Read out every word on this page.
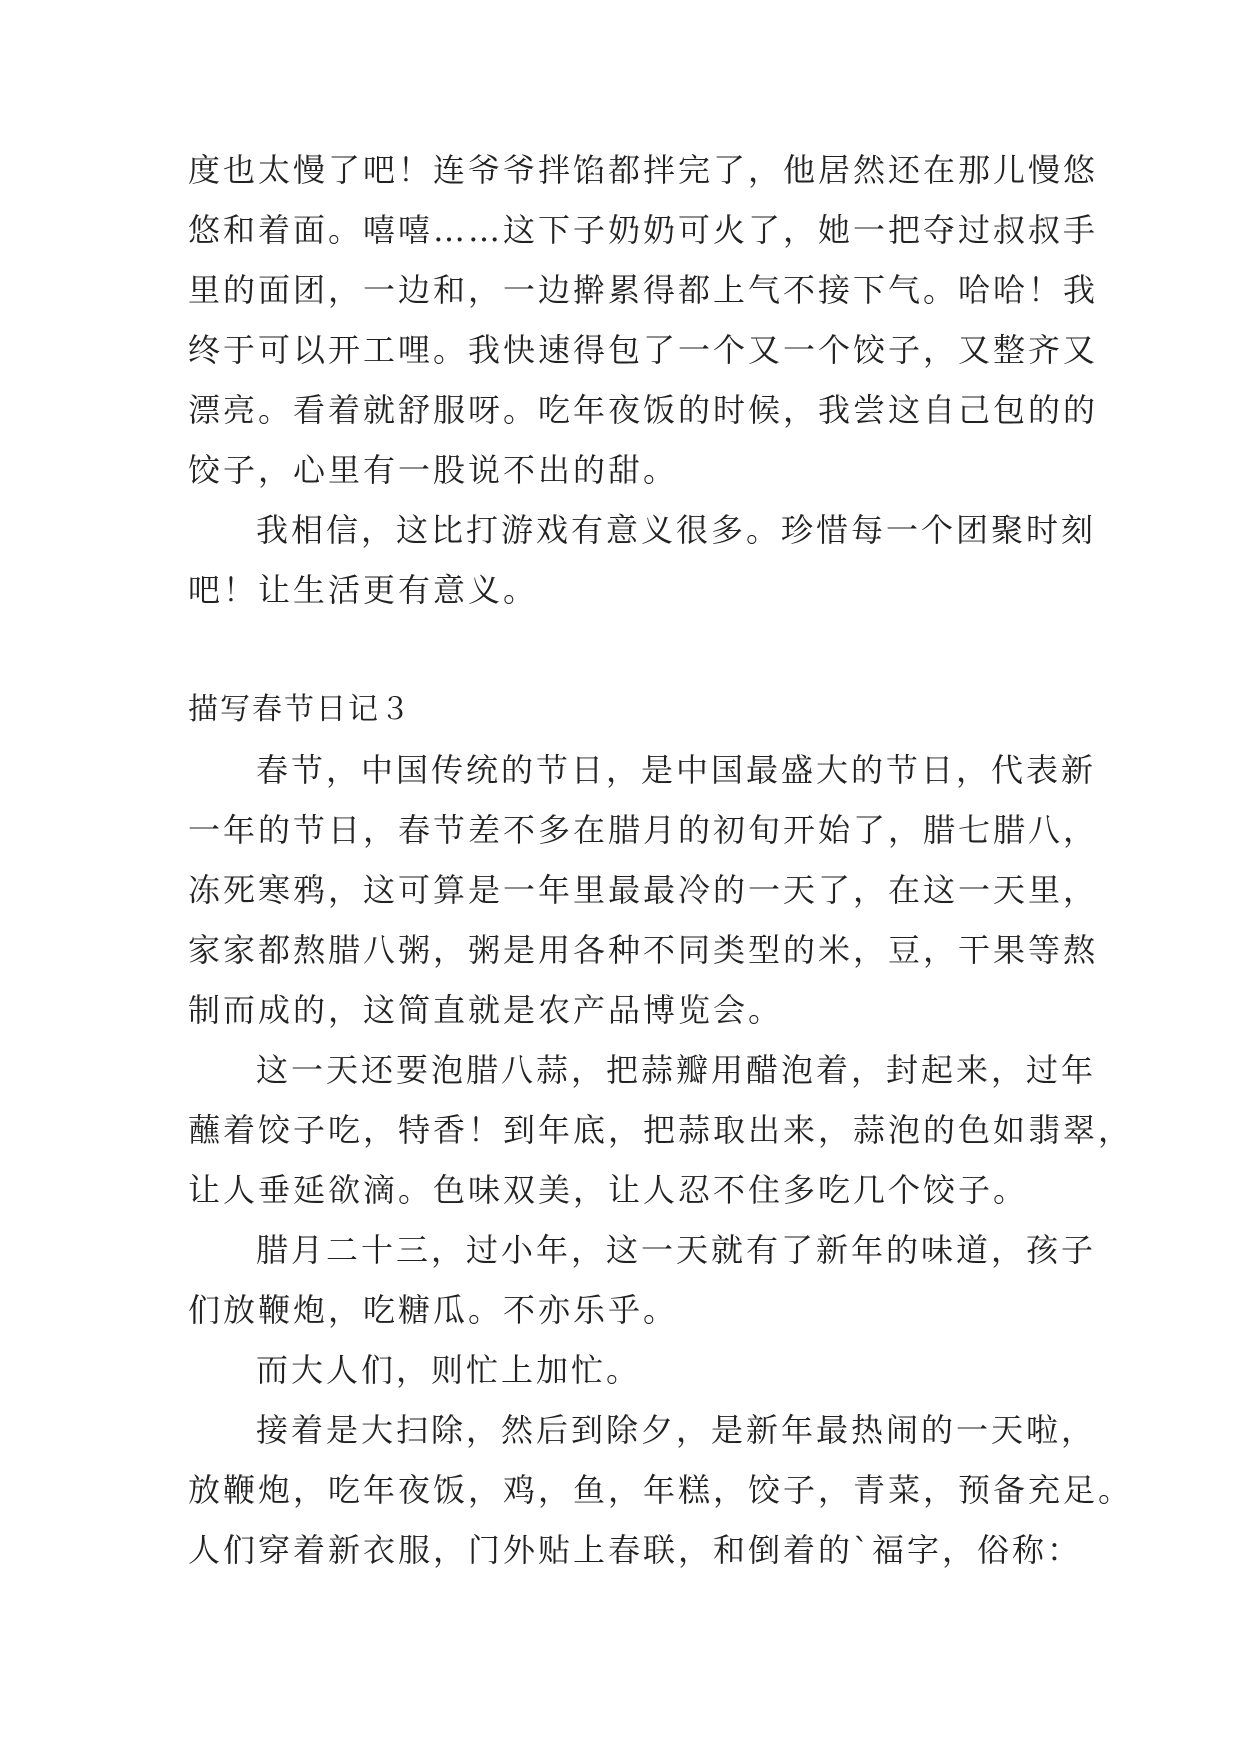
度也太慢了吧！连爷爷拌馅都拌完了，他居然还在那儿慢悠
悠和着面。嘻嘻……这下子奶奶可火了，她一把夺过叔叔手
里的面团，一边和，一边擀累得都上气不接下气。哈哈！我
终于可以开工哩。我快速得包了一个又一个饺子，又整齐又
漂亮。看着就舒服呀。吃年夜饭的时候，我尝这自己包的的
饺子，心里有一股说不出的甜。
我相信，这比打游戏有意义很多。珍惜每一个团聚时刻
吧！让生活更有意义。
描写春节日记３
春节，中国传统的节日，是中国最盛大的节日，代表新
一年的节日，春节差不多在腊月的初旬开始了，腊七腊八，
冻死寒鸦，这可算是一年里最最冷的一天了，在这一天里，
家家都熬腊八粥，粥是用各种不同类型的米，豆，干果等熬
制而成的，这简直就是农产品博览会。
这一天还要泡腊八蒜，把蒜瓣用醋泡着，封起来，过年
蘸着饺子吃，特香！到年底，把蒜取出来，蒜泡的色如翡翠，
让人垂延欲滴。色味双美，让人忍不住多吃几个饺子。
腊月二十三，过小年，这一天就有了新年的味道，孩子
们放鞭炮，吃糖瓜。不亦乐乎。
而大人们，则忙上加忙。
接着是大扫除，然后到除夕，是新年最热闹的一天啦，
放鞭炮，吃年夜饭，鸡，鱼，年糕，饺子，青菜，预备充足。
人们穿着新衣服，门外贴上春联，和倒着的`福字，俗称：
